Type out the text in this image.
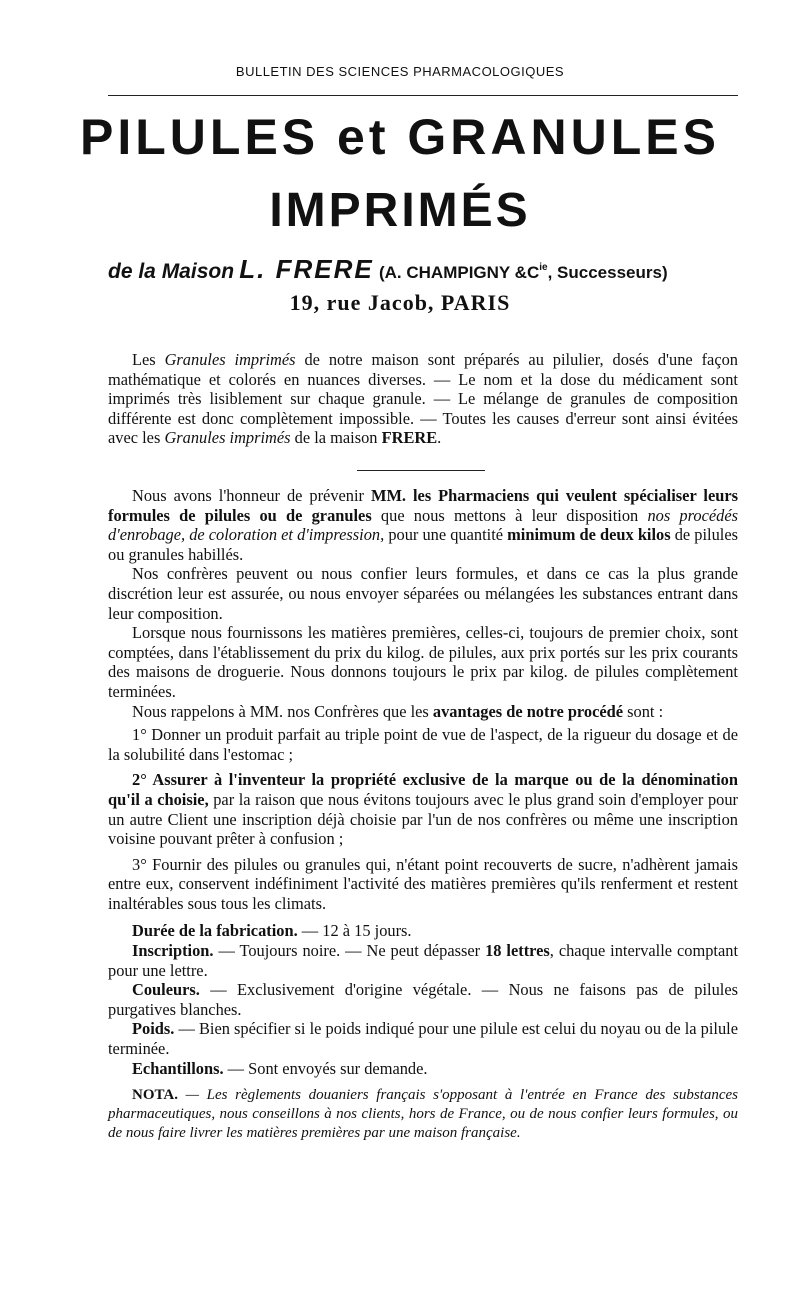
BULLETIN DES SCIENCES PHARMACOLOGIQUES
PILULES et GRANULES
IMPRIMÉS
de la Maison L. FRERE (A. CHAMPIGNY $\&C^{ie}$, Successeurs)
19, rue Jacob, PARIS

Les Granules imprimés de notre maison sont préparés au pilulier, dosés d'une façon mathématique et colorés en nuances diverses. — Le nom et la dose du médicament sont imprimés très lisiblement sur chaque granule. — Le mélange de granules de composition différente est donc complètement impossible. — Toutes les causes d'erreur sont ainsi évitées avec les Granules imprimés de la maison FRERE.

Nous avons l'honneur de prévenir MM. les Pharmaciens qui veulent spécialiser leurs formules de pilules ou de granules que nous mettons à leur disposition nos procédés d'enrobage, de coloration et d'impression, pour une quantité minimum de deux kilos de pilules ou granules habillés.

Nos confrères peuvent ou nous confier leurs formules, et dans ce cas la plus grande discrétion leur est assurée, ou nous envoyer séparées ou mélangées les substances entrant dans leur composition.

Lorsque nous fournissons les matières premières, celles-ci, toujours de premier choix, sont comptées, dans l'établissement du prix du kilog. de pilules, aux prix portés sur les prix courants des maisons de droguerie. Nous donnons toujours le prix par kilog. de pilules complètement terminées.

Nous rappelons à MM. nos Confrères que les avantages de notre procédé sont :

1° Donner un produit parfait au triple point de vue de l'aspect, de la rigueur du dosage et de la solubilité dans l'estomac ;

2° Assurer à l'inventeur la propriété exclusive de la marque ou de la dénomination qu'il a choisie, par la raison que nous évitons toujours avec le plus grand soin d'employer pour un autre Client une inscription déjà choisie par l'un de nos confrères ou même une inscription voisine pouvant prêter à confusion ;

3° Fournir des pilules ou granules qui, n'étant point recouverts de sucre, n'adhèrent jamais entre eux, conservent indéfiniment l'activité des matières premières qu'ils renferment et restent inaltérables sous tous les climats.

Durée de la fabrication. — 12 à 15 jours.

Inscription. — Toujours noire. — Ne peut dépasser 18 lettres, chaque intervalle comptant pour une lettre.

Couleurs. — Exclusivement d'origine végétale. — Nous ne faisons pas de pilules purgatives blanches.

Poids. — Bien spécifier si le poids indiqué pour une pilule est celui du noyau ou de la pilule terminée.

Echantillons. — Sont envoyés sur demande.

NOTA. — Les règlements douaniers français s'opposant à l'entrée en France des substances pharmaceutiques, nous conseillons à nos clients, hors de France, ou de nous confier leurs formules, ou de nous faire livrer les matières premières par une maison française.
